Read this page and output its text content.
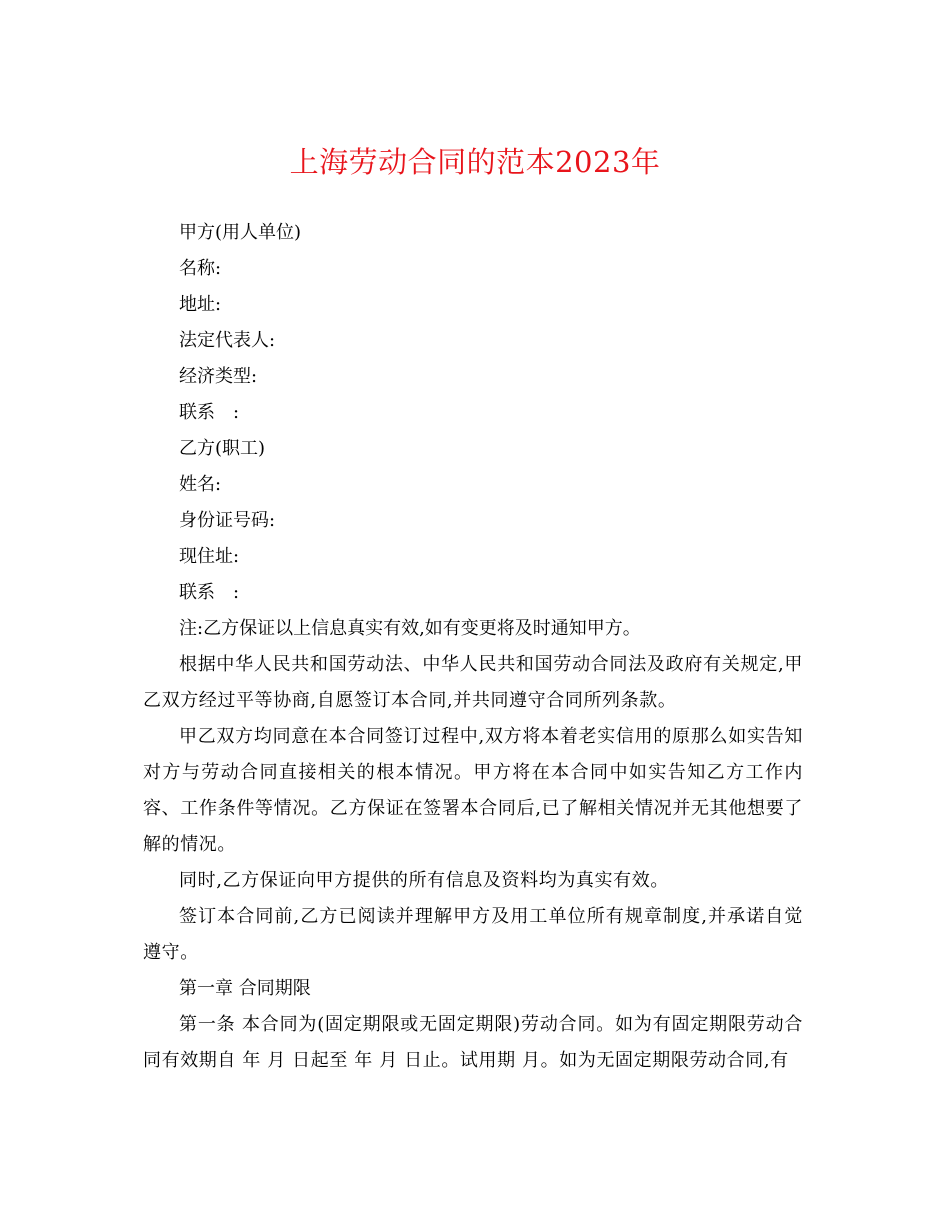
上海劳动合同的范本2023年
甲方(用人单位)
名称:
地址:
法定代表人:
经济类型:
联系　:
乙方(职工)
姓名:
身份证号码:
现住址:
联系　:
注:乙方保证以上信息真实有效,如有变更将及时通知甲方。
根据中华人民共和国劳动法、中华人民共和国劳动合同法及政府有关规定,甲乙双方经过平等协商,自愿签订本合同,并共同遵守合同所列条款。
甲乙双方均同意在本合同签订过程中,双方将本着老实信用的原那么如实告知对方与劳动合同直接相关的根本情况。甲方将在本合同中如实告知乙方工作内容、工作条件等情况。乙方保证在签署本合同后,已了解相关情况并无其他想要了解的情况。
同时,乙方保证向甲方提供的所有信息及资料均为真实有效。
签订本合同前,乙方已阅读并理解甲方及用工单位所有规章制度,并承诺自觉遵守。
第一章 合同期限
第一条 本合同为(固定期限或无固定期限)劳动合同。如为有固定期限劳动合同有效期自 年 月 日起至 年 月 日止。试用期 月。如为无固定期限劳动合同,有
